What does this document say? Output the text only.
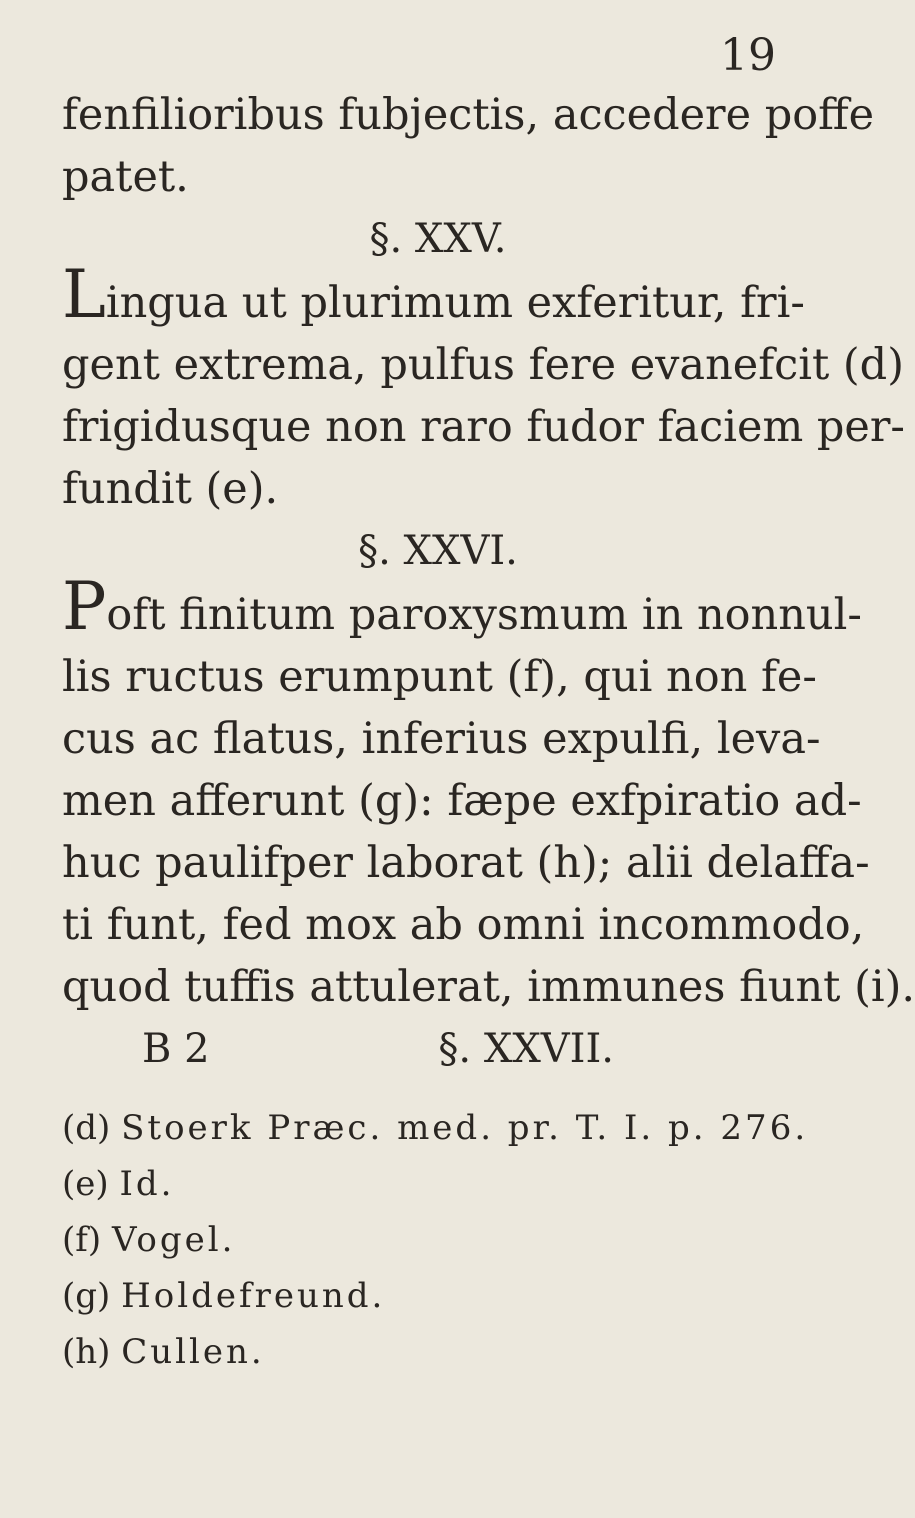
19
fenfilioribus fubjectis, accedere poffe
patet.
§. XXV.
Lingua ut plurimum exferitur, fri-
gent extrema, pulfus fere evanefcit (d)
frigidusque non raro fudor faciem per-
fundit (e).
§. XXVI.
Poft finitum paroxysmum in nonnul-
lis ructus erumpunt (f), qui non fe-
cus ac flatus, inferius expulfi, leva-
men afferunt (g): fæpe exfpiratio ad-
huc paulifper laborat (h); alii delaffa-
ti funt, fed mox ab omni incommodo,
quod tuffis attulerat, immunes fiunt (i).
B 2	§. XXVII.
(d) Stoerk Præc. med. pr. T. I. p. 276.
(e) Id.
(f) Vogel.
(g) Holdefreund.
(h) Cullen.
